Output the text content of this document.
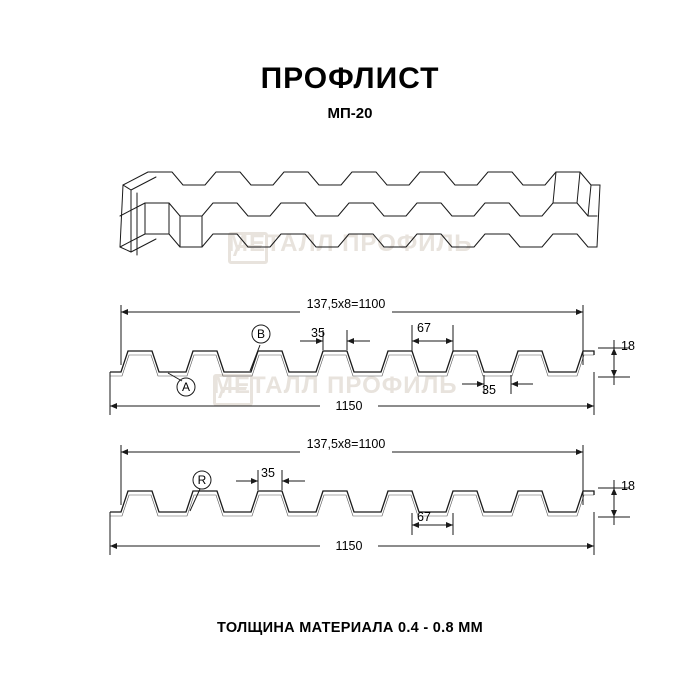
ПРОФЛИСТ
МП-20
МЕТАЛЛ ПРОФИЛЬ
МЕТАЛЛ ПРОФИЛЬ
137,5х8=1100
1150
18
35	67
35
A
B
137,5х8=1100
1150
18
35
67
R
ТОЛЩИНА МАТЕРИАЛА 0.4 - 0.8 ММ
